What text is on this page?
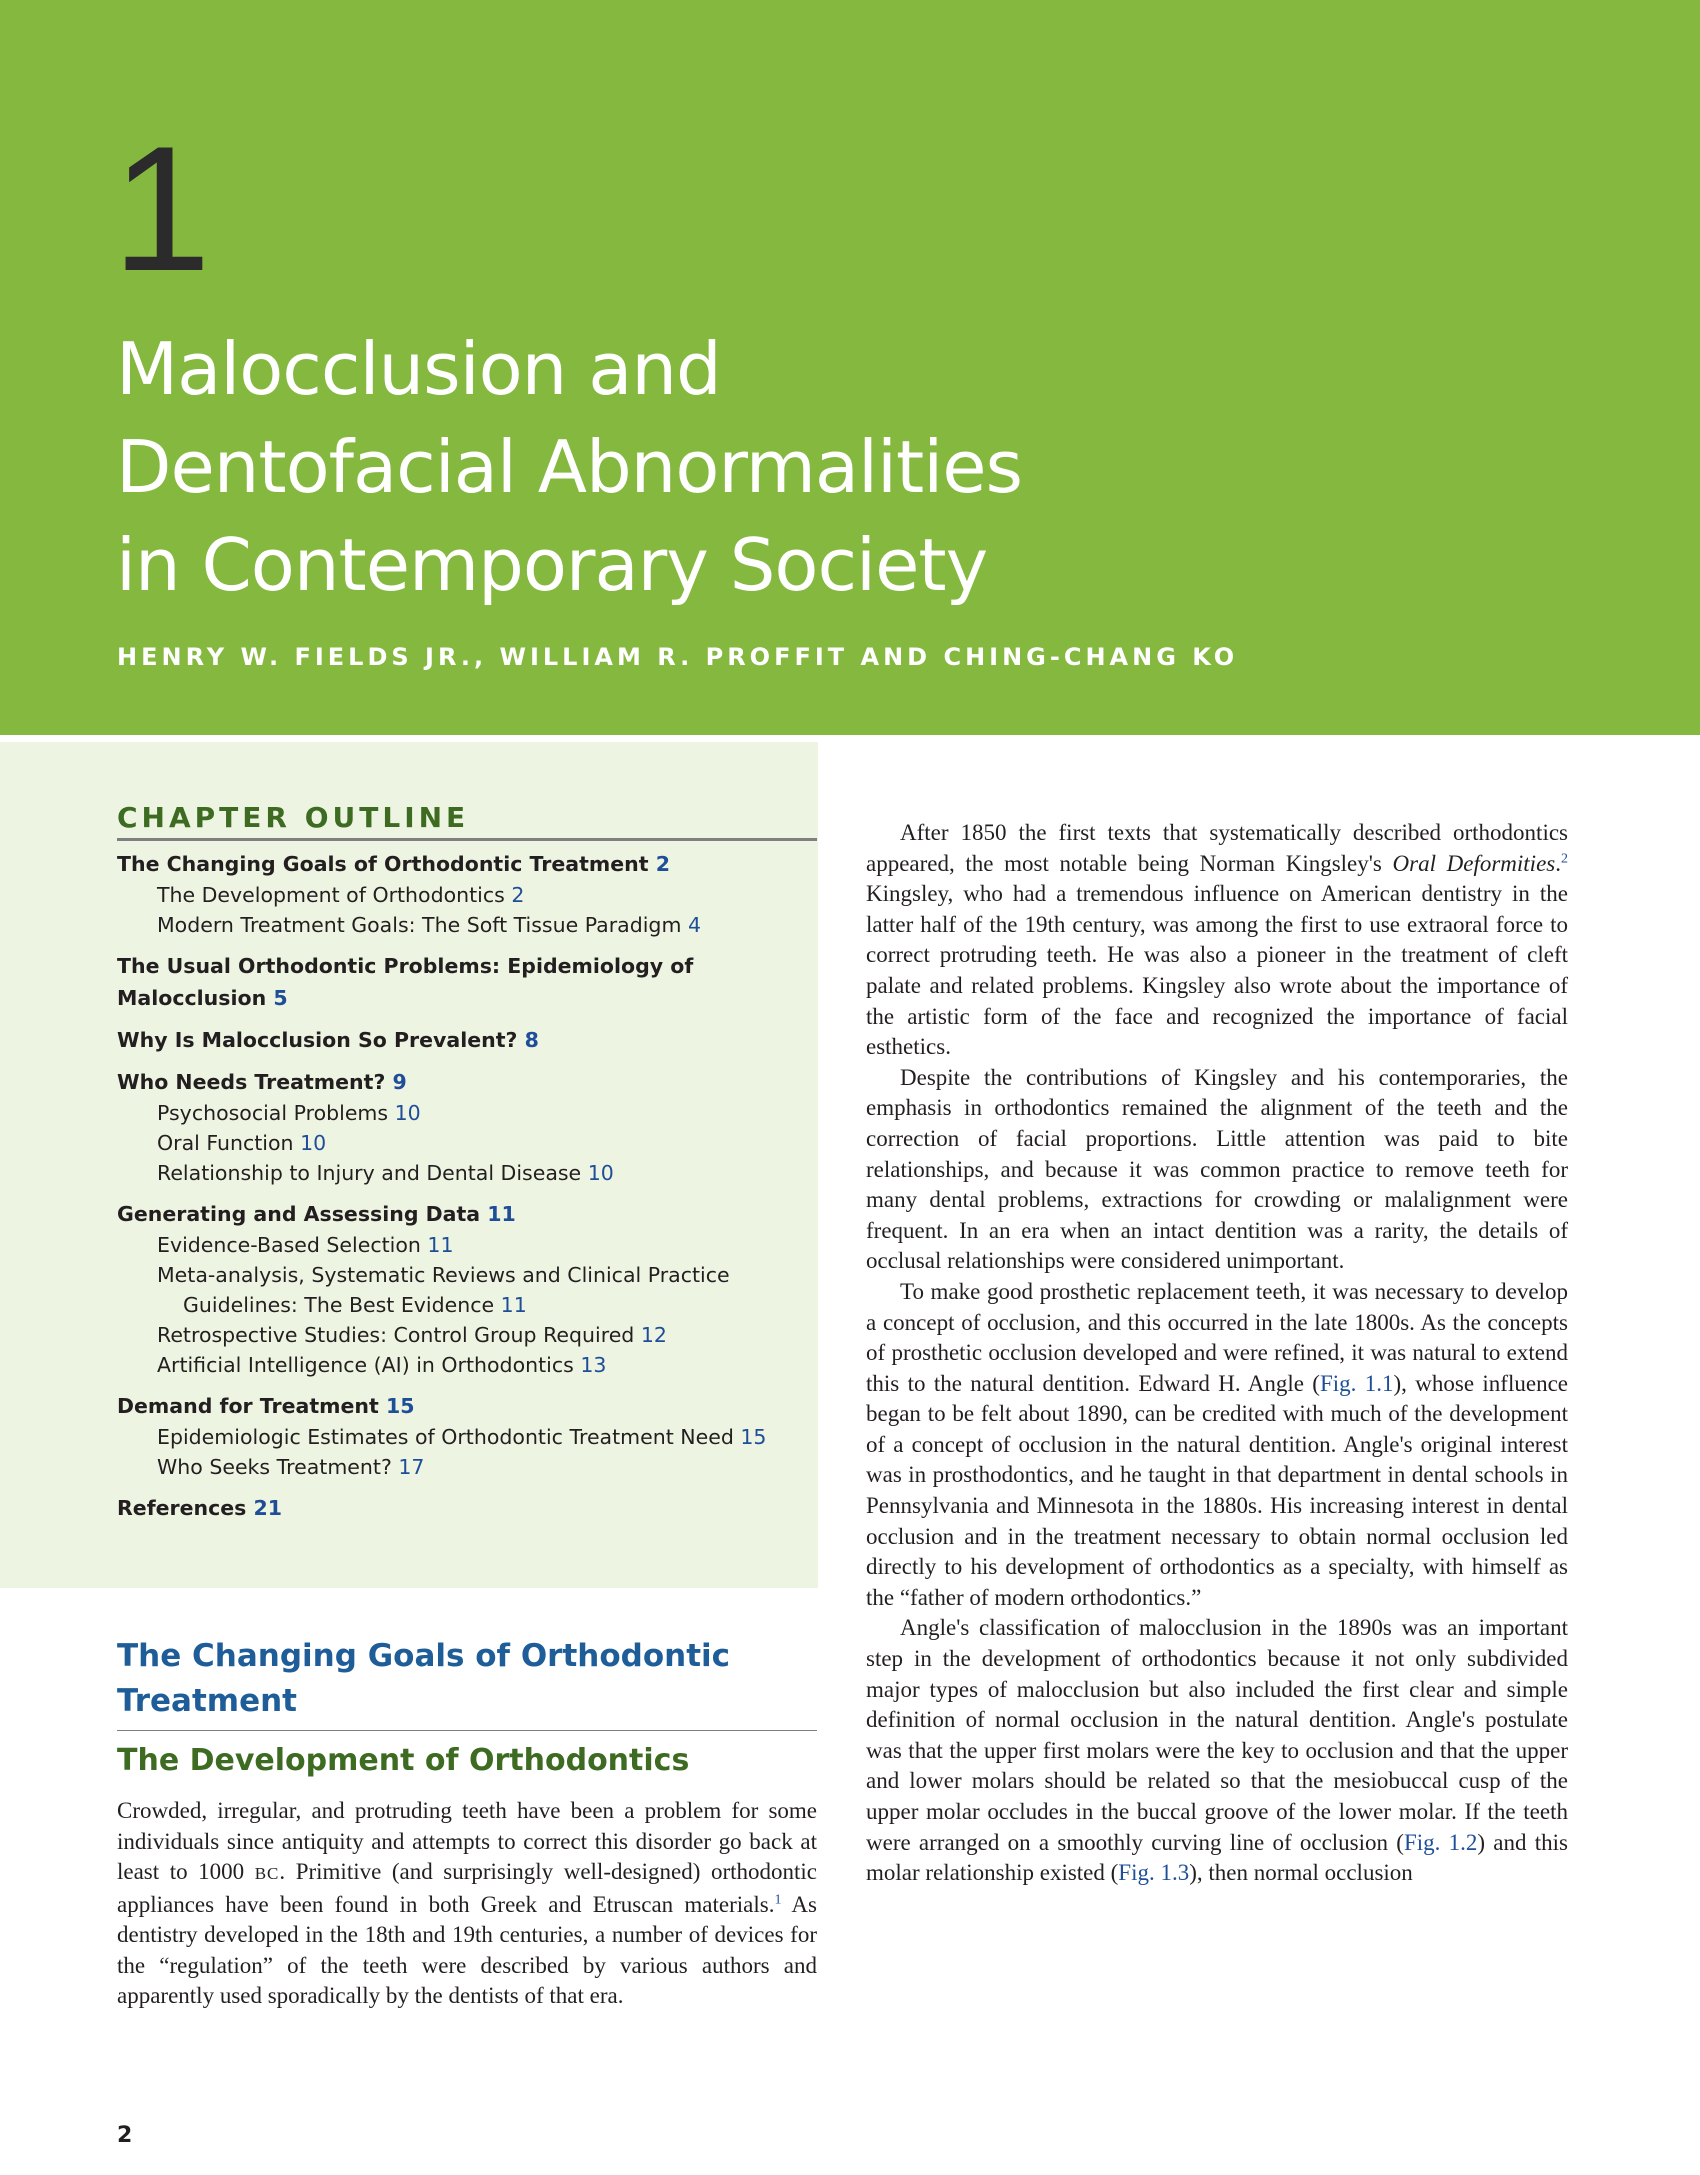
1
Malocclusion and
Dentofacial Abnormalities
in Contemporary Society

HENRY W. FIELDS JR., WILLIAM R. PROFFIT AND CHING-CHANG KO

CHAPTER OUTLINE
The Changing Goals of Orthodontic Treatment 2
The Development of Orthodontics 2
Modern Treatment Goals: The Soft Tissue Paradigm 4
The Usual Orthodontic Problems: Epidemiology of Malocclusion 5
Why Is Malocclusion So Prevalent? 8
Who Needs Treatment? 9
Psychosocial Problems 10
Oral Function 10
Relationship to Injury and Dental Disease 10
Generating and Assessing Data 11
Evidence-Based Selection 11
Meta-analysis, Systematic Reviews and Clinical Practice Guidelines: The Best Evidence 11
Retrospective Studies: Control Group Required 12
Artificial Intelligence (AI) in Orthodontics 13
Demand for Treatment 15
Epidemiologic Estimates of Orthodontic Treatment Need 15
Who Seeks Treatment? 17
References 21
The Changing Goals of Orthodontic Treatment
The Development of Orthodontics

Crowded, irregular, and protruding teeth have been a problem for some individuals since antiquity and attempts to correct this disorder go back at least to 1000 BC. Primitive (and surprisingly well-designed) orthodontic appliances have been found in both Greek and Etruscan materials.$^1$ As dentistry developed in the 18th and 19th centuries, a number of devices for the “regulation” of the teeth were described by various authors and apparently used sporadically by the dentists of that era.

After 1850 the first texts that systematically described orthodontics appeared, the most notable being Norman Kingsley's Oral Deformities.$^2$ Kingsley, who had a tremendous influence on American dentistry in the latter half of the 19th century, was among the first to use extraoral force to correct protruding teeth. He was also a pioneer in the treatment of cleft palate and related problems. Kingsley also wrote about the importance of the artistic form of the face and recognized the importance of facial esthetics.

Despite the contributions of Kingsley and his contemporaries, the emphasis in orthodontics remained the alignment of the teeth and the correction of facial proportions. Little attention was paid to bite relationships, and because it was common practice to remove teeth for many dental problems, extractions for crowding or malalignment were frequent. In an era when an intact dentition was a rarity, the details of occlusal relationships were considered unimportant.

To make good prosthetic replacement teeth, it was necessary to develop a concept of occlusion, and this occurred in the late 1800s. As the concepts of prosthetic occlusion developed and were refined, it was natural to extend this to the natural dentition. Edward H. Angle (Fig. 1.1), whose influence began to be felt about 1890, can be credited with much of the development of a concept of occlusion in the natural dentition. Angle's original interest was in prosthodontics, and he taught in that department in dental schools in Pennsylvania and Minnesota in the 1880s. His increasing interest in dental occlusion and in the treatment necessary to obtain normal occlusion led directly to his development of orthodontics as a specialty, with himself as the “father of modern orthodontics.”

Angle's classification of malocclusion in the 1890s was an important step in the development of orthodontics because it not only subdivided major types of malocclusion but also included the first clear and simple definition of normal occlusion in the natural dentition. Angle's postulate was that the upper first molars were the key to occlusion and that the upper and lower molars should be related so that the mesiobuccal cusp of the upper molar occludes in the buccal groove of the lower molar. If the teeth were arranged on a smoothly curving line of occlusion (Fig. 1.2) and this molar relationship existed (Fig. 1.3), then normal occlusion

2
